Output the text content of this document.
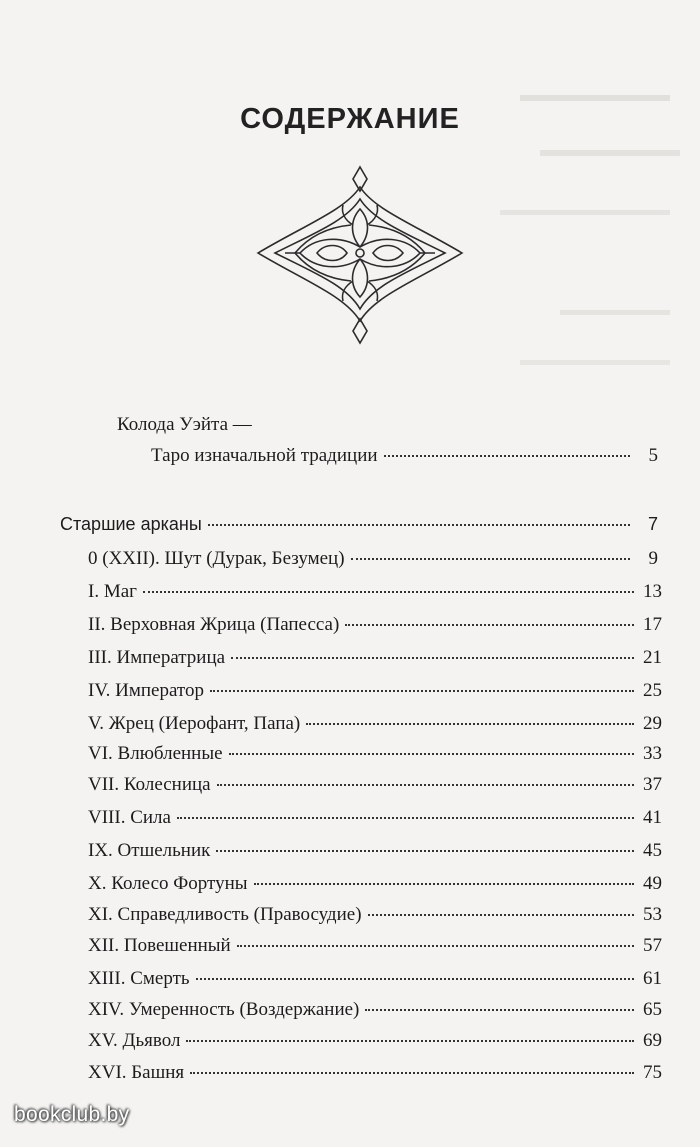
СОДЕРЖАНИЕ
Колода Уэйта —
Таро изначальной традиции	5
Старшие арканы	7
0 (XXII). Шут (Дурак, Безумец)	9
I. Маг	13
II. Верховная Жрица (Папесса)	17
III. Императрица	21
IV. Император	25
V. Жрец (Иерофант, Папа)	29
VI. Влюбленные	33
VII. Колесница	37
VIII. Сила	41
IX. Отшельник	45
X. Колесо Фортуны	49
XI. Справедливость (Правосудие)	53
XII. Повешенный	57
XIII. Смерть	61
XIV. Умеренность (Воздержание)	65
XV. Дьявол	69
XVI. Башня	75
bookclub.by
